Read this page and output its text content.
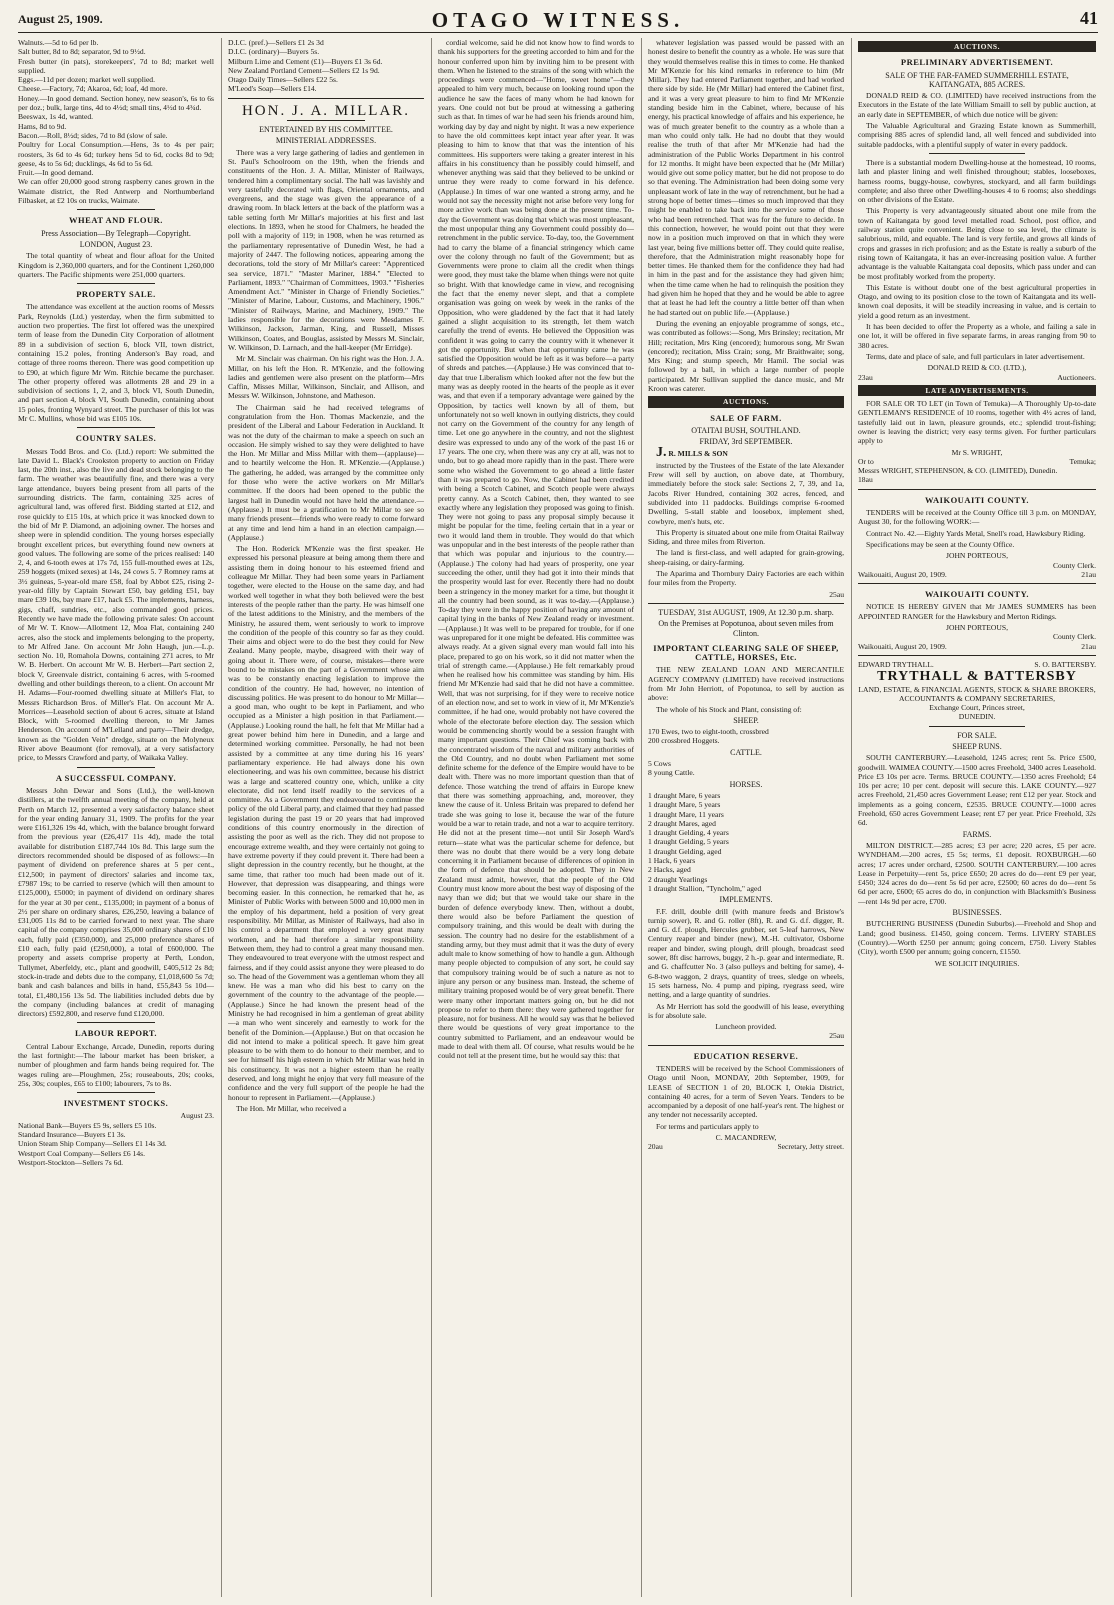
August 25, 1909.	OTAGO WITNESS.	41
Walnuts.—5d to 6d per lb.
Salt butter, 8d to 8d; separator, 9d to 9½d.
Fresh butter (in pats), storekeepers', 7d to 8d; market well supplied.
Eggs.—11d per dozen; market well supplied.
Cheese.—Factory, 7d; Akaroa, 6d; loaf, 4d more.
Honey.—In good demand. Section honey, new season's, 6s to 6s per doz.; bulk, large tins, 4d to 4½d; small tins, 4½d to 4¾d.
Beeswax, 1s 4d, wanted.
Hams, 8d to 9d.
Bacon.—Roll, 8½d; sides, 7d to 8d (slow of sale.
Poultry for Local Consumption.—Hens, 3s to 4s per pair; roosters, 3s 6d to 4s 6d; turkey hens 5d to 6d, cocks 8d to 9d; geese, 4s to 5s 6d; ducklings, 4s 6d to 5s 6d.
Fruit.—In good demand.
We can offer 20,000 good strong raspberry canes grown in the Waimate district, the Red Antwerp and Northumberland Filbasket, at £2 10s on trucks, Waimate.
WHEAT AND FLOUR.
Press Association—By Telegraph—Copyright.
LONDON, August 23.

The total quantity of wheat and flour afloat for the United Kingdom is 2,360,000 quarters, and for the Continent 1,260,000 quarters. The Pacific shipments were 251,000 quarters.

PROPERTY SALE.

The attendance was excellent at the auction rooms of Messrs Park, Reynolds (Ltd.) yesterday, when the firm submitted to auction two properties. The first lot offered was the unexpired term of lease from the Dunedin City Corporation of allotment 89 in a subdivision of section 6, block VII, town district, containing 15.2 poles, fronting Anderson's Bay road, and cottage of three rooms thereon. There was good competition up to £90, at which figure Mr Wm. Ritchie became the purchaser. The other property offered was allotments 28 and 29 in a subdivision of sections 1, 2, and 3, block VI, South Dunedin, and part section 4, block VI, South Dunedin, containing about 15 poles, fronting Wynyard street. The purchaser of this lot was Mr C. Mullins, whose bid was £105 10s.

COUNTRY SALES.

Messrs Todd Bros. and Co. (Ltd.) report: We submitted the late David L. Black's Crookston property to auction on Friday last, the 20th inst., also the live and dead stock belonging to the farm. The weather was beautifully fine, and there was a very large attendance, buyers being present from all parts of the surrounding districts. The farm, containing 325 acres of agricultural land, was offered first. Bidding started at £12, and rose quickly to £15 10s, at which price it was knocked down to the bid of Mr P. Diamond, an adjoining owner. The horses and sheep were in splendid condition. The young horses especially brought excellent prices, but everything found new owners at good values. The following are some of the prices realised: 140 2, 4, and 6-tooth ewes at 17s 7d, 155 full-mouthed ewes at 12s, 259 hoggets (mixed sexes) at 14s, 24 cows 5. 7 Romney rams at 3½ guineas, 5-year-old mare £58, foal by Abbot £25, rising 2-year-old filly by Captain Stewart £50, bay gelding £51, bay mare £39 10s, bay mare £17, hack £5. The implements, harness, gigs, chaff, sundries, etc., also commanded good prices. Recently we have made the following private sales: On account of Mr W. T. Know—Allotment 12, Moa Flat, containing 240 acres, also the stock and implements belonging to the property, to Mr Alfred Jane. On account Mr John Haugh, jun.—L.p. section No. 10, Romahola Downs, containing 271 acres, to Mr W. B. Herbert. On account Mr W. B. Herbert—Part section 2, block V, Greenvale district, containing 6 acres, with 5-roomed dwelling and other buildings thereon, to a client. On account Mr H. Adams—Four-roomed dwelling situate at Miller's Flat, to Messrs Richardson Bros. of Miller's Flat. On account Mr A. Morrices—Leasehold section of about 6 acres, situate at Island Block, with 5-roomed dwelling thereon, to Mr James Henderson. On account of M'Lelland and party—Their dredge, known as the "Golden Vein" dredge, situate on the Molyneux River above Beaumont (for removal), at a very satisfactory price, to Messrs Crawford and party, of Waikaka Valley.

A SUCCESSFUL COMPANY.

Messrs John Dewar and Sons (Ltd.), the well-known distillers, at the twelfth annual meeting of the company, held at Perth on March 12, presented a very satisfactory balance sheet for the year ending January 31, 1909. The profits for the year were £161,326 19s 4d, which, with the balance brought forward from the previous year (£26,417 11s 4d), made the total available for distribution £187,744 10s 8d. This large sum the directors recommended should be disposed of as follows:—In payment of dividend on preference shares at 5 per cent., £12,500; in payment of directors' salaries and income tax, £7987 19s; to be carried to reserve (which will then amount to £125,000), £5000; in payment of dividend on ordinary shares for the year at 30 per cent., £135,000; in payment of a bonus of 2½ per share on ordinary shares, £26,250, leaving a balance of £31,005 11s 8d to be carried forward to next year. The share capital of the company comprises 35,000 ordinary shares of £10 each, fully paid (£350,000), and 25,000 preference shares of £10 each, fully paid (£250,000), a total of £600,000. The property and assets comprise property at Perth, London, Tullymet, Aberfeldy, etc., plant and goodwill, £405,512 2s 8d; stock-in-trade and debts due to the company, £1,018,600 5s 7d; bank and cash balances and bills in hand, £55,843 5s 10d—total, £1,480,156 13s 5d. The liabilities included debts due by the company (including balances at credit of managing directors) £592,800, and reserve fund £120,000.

LABOUR REPORT.

Central Labour Exchange, Arcade, Dunedin, reports during the last fortnight:—The labour market has been brisker, a number of ploughmen and farm hands being required for. The wages ruling are—Ploughmen, 25s; rouseabouts, 20s; cooks, 25s, 30s; couples, £65 to £100; labourers, 7s to 8s.

INVESTMENT STOCKS.
August 23.
National Bank—Buyers £5 9s, sellers £5 10s.
Standard Insurance—Buyers £1 3s.
Union Steam Ship Company—Sellers £1 14s 3d.
Westport Coal Company—Sellers £6 14s.
Westport-Stockton—Sellers 7s 6d.
D.I.C. (pref.)—Sellers £1 2s 3d
D.I.C. (ordinary)—Buyers 5s.
Milburn Lime and Cement (£1)—Buyers £1 3s 6d.
New Zealand Portland Cement—Sellers £2 1s 9d.
Otago Daily Times—Sellers £22 5s.
M'Leod's Soap—Sellers £14.
HON. J. A. MILLAR.
ENTERTAINED BY HIS COMMITTEE.
MINISTERIAL ADDRESSES.

There was a very large gathering of ladies and gentlemen in St. Paul's Schoolroom on the 19th, when the friends and constituents of the Hon. J. A. Millar, Minister of Railways, tendered him a complimentary social. The hall was lavishly and very tastefully decorated with flags, Oriental ornaments, and evergreens, and the stage was given the appearance of a drawing room. In black letters at the back of the platform was a table setting forth Mr Millar's majorities at his first and last elections. In 1893, when he stood for Chalmers, he headed the poll with a majority of 119; in 1908, when he was returned as the parliamentary representative of Dunedin West, he had a majority of 2447. The following notices, appearing among the decorations, told the story of Mr Millar's career: "Apprenticed sea service, 1871." "Master Mariner, 1884." "Elected to Parliament, 1893." "Chairman of Committees, 1903." "Fisheries Amendment Act." "Minister in Charge of Friendly Societies." "Minister of Marine, Labour, Customs, and Machinery, 1906." "Minister of Railways, Marine, and Machinery, 1909." The ladies responsible for the decorations were Mesdames F. Wilkinson, Jackson, Jarman, King, and Russell, Misses Wilkinson, Coates, and Bouglas, assisted by Messrs M. Sinclair, W. Wilkinson, D. Larnach, and the hall-keeper (Mr Erridge).

Mr M. Sinclair was chairman. On his right was the Hon. J. A. Millar, on his left the Hon. R. M'Kenzie, and the following ladies and gentlemen were also present on the platform—Mrs Caffin, Misses Millar, Wilkinson, Sinclair, and Allison, and Messrs W. Wilkinson, Johnstone, and Matheson.

The Chairman said he had received telegrams of congratulation from the Hon. Thomas Mackenzie, and the president of the Liberal and Labour Federation in Auckland. It was not the duty of the chairman to make a speech on such an occasion. He simply wished to say they were delighted to have the Hon. Mr Millar and Miss Millar with them—(applause)—and to heartily welcome the Hon. R. M'Kenzie.—(Applause.) The gathering, he added, was arranged by the committee only for those who were the active workers on Mr Millar's committee. If the doors had been opened to the public the largest hall in Dunedin would not have held the attendance.—(Applause.) It must be a gratification to Mr Millar to see so many friends present—friends who were ready to come forward at any time and lend him a hand in an election campaign.—(Applause.)

The Hon. Roderick M'Kenzie was the first speaker. He expressed his personal pleasure at being among them there and assisting them in doing honour to his esteemed friend and colleague Mr Millar. They had been some years in Parliament together, were elected to the House on the same day, and had worked well together in what they both believed were the best interests of the people rather than the party. He was himself one of the latest additions to the Ministry, and the members of the Ministry, he assured them, went seriously to work to improve the condition of the people of this country so far as they could. Their aims and object were to do the best they could for New Zealand. Many people, maybe, disagreed with their way of going about it. There were, of course, mistakes—there were bound to be mistakes on the part of a Government whose aim was to be constantly enacting legislation to improve the condition of the country. He had, however, no intention of discussing politics. He was present to do honour to Mr Millar—a good man, who ought to be kept in Parliament, and who occupied as a Minister a high position in that Parliament.—(Applause.) Looking round the hall, he felt that Mr Millar had a great power behind him here in Dunedin, and a large and determined working committee. Personally, he had not been assisted by a committee at any time during his 16 years' parliamentary experience. He had always done his own electioneering, and was his own committee, because his district was a large and scattered country one, which, unlike a city electorate, did not lend itself readily to the services of a committee. As a Government they endeavoured to continue the policy of the old Liberal party, and claimed that they had passed legislation during the past 19 or 20 years that had improved conditions of this country enormously in the direction of assisting the poor as well as the rich. They did not propose to encourage extreme wealth, and they were certainly not going to have extreme poverty if they could prevent it. There had been a slight depression in the country recently, but he thought, at the same time, that rather too much had been made out of it. However, that depression was disappearing, and things were becoming easier. In this connection, he remarked that he, as Minister of Public Works with between 5000 and 10,000 men in the employ of his department, held a position of very great responsibility. Mr Millar, as Minister of Railways, had also in his control a department that employed a very great many workmen, and he had therefore a similar responsibility. Between them, they had to control a great many thousand men. They endeavoured to treat everyone with the utmost respect and fairness, and if they could assist anyone they were pleased to do so. The head of the Government was a gentleman whom they all knew. He was a man who did his best to carry on the government of the country to the advantage of the people.—(Applause.) Since he had known the present head of the Ministry he had recognised in him a gentleman of great ability—a man who went sincerely and earnestly to work for the benefit of the Dominion.—(Applause.) But on that occasion he did not intend to make a political speech. It gave him great pleasure to be with them to do honour to their member, and to see for himself his high esteem in which Mr Millar was held in his constituency. It was not a higher esteem than he really deserved, and long might he enjoy that very full measure of the confidence and the very full support of the people he had the honour to represent in Parliament.—(Applause.)

The Hon. Mr Millar, who received a

cordial welcome, said he did not know how to find words to thank his supporters for the greeting accorded to him and for the honour conferred upon him by inviting him to be present with them. When he listened to the strains of the song with which the proceedings were commenced—"Home, sweet home"—they appealed to him very much, because on looking round upon the audience he saw the faces of many whom he had known for years. One could not but be proud at witnessing a gathering such as that. In times of war he had seen his friends around him, working day by day and night by night. It was a new experience to have the old committees kept intact year after year. It was pleasing to him to know that that was the intention of his committees. His supporters were taking a greater interest in his affairs in his constituency than he possibly could himself, and whenever anything was said that they believed to be unkind or untrue they were ready to come forward in his defence. (Applause.) In times of war one wanted a strong army, and he would not say the necessity might not arise before very long for more active work than was being done at the present time. To-day the Government was doing that which was most unpleasant, the most unpopular thing any Government could possibly do—retrenchment in the public service. To-day, too, the Government had to carry the blame of a financial stringency which came over the colony through no fault of the Government; but as Governments were prone to claim all the credit when things were good, they must take the blame when things were not quite so bright. With that knowledge came in view, and recognising the fact that the enemy never slept, and that a complete organisation was going on week by week in the ranks of the Opposition, who were gladdened by the fact that it had lately gained a slight acquisition to its strength, let them watch carefully the trend of events. He believed the Opposition was confident it was going to carry the country with it whenever it got the opportunity. But when that opportunity came he was satisfied the Opposition would be left as it was before—a party of shreds and patches.—(Applause.) He was convinced that to-day that true Liberalism which looked after not the few but the many was as deeply rooted in the hearts of the people as it ever was, and that even if a temporary advantage were gained by the Opposition, by tactics well known by all of them, but unfortunately not so well known in outlying districts, they could not carry on the Government of the country for any length of time. Let one go anywhere in the country, and not the slightest desire was expressed to undo any of the work of the past 16 or 17 years. The one cry, when there was any cry at all, was not to undo, but to go ahead more rapidly than in the past. There were some who wished the Government to go ahead a little faster than it was prepared to go. Now, the Cabinet had been credited with being a Scotch Cabinet, and Scotch people were always pretty canny. As a Scotch Cabinet, then, they wanted to see exactly where any legislation they proposed was going to finish. They were not going to pass any proposal simply because it might be popular for the time, feeling certain that in a year or two it would land them in trouble. They would do that which was unpopular and in the best interests of the people rather than that which was popular and injurious to the country.—(Applause.) The colony had had years of prosperity, one year succeeding the other, until they had got it into their minds that the prosperity would last for ever. Recently there had no doubt been a stringency in the money market for a time, but thought it all the country had been sound, as it was to-day.—(Applause.) To-day they were in the happy position of having any amount of capital lying in the banks of New Zealand ready or investment.—(Applause.) It was well to be prepared for trouble, for if one was unprepared for it one might be defeated. His committee was always ready. At a given signal every man would fall into his place, prepared to go on his work, so it did not matter when the trial of strength came.—(Applause.) He felt remarkably proud when he realised how his committee was standing by him. His friend Mr M'Kenzie had said that he did not have a committee. Well, that was not surprising, for if they were to receive notice of an election now, and set to work in view of it, Mr M'Kenzie's committee, if he had one, would probably not have covered the whole of the electorate before election day. The session which would be commencing shortly would be a session fraught with many important questions. Their Chief was coming back with the concentrated wisdom of the naval and military authorities of the Old Country, and no doubt when Parliament met some definite scheme for the defence of the Empire would have to be dealt with. There was no more important question than that of defence. Those watching the trend of affairs in Europe knew that there was something approaching, and, moreover, they knew the cause of it. Unless Britain was prepared to defend her trade she was going to lose it, because the war of the future would be a war to retain trade, and not a war to acquire territory. He did not at the present time—not until Sir Joseph Ward's return—state what was the particular scheme for defence, but there was no doubt that there would be a very long debate concerning it in Parliament because of differences of opinion in the form of defence that should be adopted. They in New Zealand must admit, however, that the people of the Old Country must know more about the best way of disposing of the navy than we did; but that we would take our share in the burden of defence everybody knew. Then, without a doubt, there would also be before Parliament the question of compulsory training, and this would be dealt with during the session. The country had no desire for the establishment of a standing army, but they must admit that it was the duty of every adult male to know something of how to handle a gun. Although many people objected to compulsion of any sort, he could say that compulsory training would be of such a nature as not to injure any person or any business man. Instead, the scheme of military training proposed would be of very great benefit. There were many other important matters going on, but he did not propose to refer to them there: they were gathered together for pleasure, not for business. All he would say was that he believed there would be questions of very great importance to the country submitted to Parliament, and an endeavour would be made to deal with them all. Of course, what results would be he could not tell at the present time, but he would say this: that

whatever legislation was passed would be passed with an honest desire to benefit the country as a whole. He was sure that they would themselves realise this in times to come. He thanked Mr M'Kenzie for his kind remarks in reference to him (Mr Millar). They had entered Parliament together, and had worked there side by side. He (Mr Millar) had entered the Cabinet first, and it was a very great pleasure to him to find Mr M'Kenzie standing beside him in the Cabinet, where, because of his energy, his practical knowledge of affairs and his experience, he was of much greater benefit to the country as a whole than a man who could only talk. He had no doubt that they would realise the truth of that after Mr M'Kenzie had had the administration of the Public Works Department in his control for 12 months. It might have been expected that he (Mr Millar) would give out some policy matter, but he did not propose to do so that evening. The Administration had been doing some very unpleasant work of late in the way of retrenchment, but he had a strong hope of better times—times so much improved that they might be enabled to take back into the service some of those who had been retrenched. That was for the future to decide. In this connection, however, he would point out that they were now in a position much improved on that in which they were last year, being five millions better off. They could quite realise, therefore, that the Administration might reasonably hope for better times. He thanked them for the confidence they had had in him in the past and for the assistance they had given him; when the time came when he had to relinquish the position they had given him he hoped that they and he would be able to agree that at least he had left the country a little better off than when he had started out on public life.—(Applause.)

During the evening an enjoyable programme of songs, etc., was contributed as follows:—Song, Mrs Brinsley; recitation, Mr Hill; recitation, Mrs King (encored); humorous song, Mr Swan (encored); recitation, Miss Crain; song, Mr Braithwaite; song, Mrs King; and stump speech, Mr Hamil. The social was followed by a ball, in which a large number of people participated. Mr Sullivan supplied the dance music, and Mr Kroon was caterer.

AUCTIONS.
SALE OF FARM.
OTAITAI BUSH, SOUTHLAND.
FRIDAY, 3rd SEPTEMBER.

J. R. MILLS & SON

instructed by the Trustees of the Estate of the late Alexander Frew will sell by auction, on above date, at Thornbury, immediately before the stock sale: Sections 2, 7, 39, and 1a, Jacobs River Hundred, containing 302 acres, fenced, and subdivided into 11 paddocks. Buildings comprise 6-roomed Dwelling, 5-stall stable and loosebox, implement shed, cowbyre, men's huts, etc.

This Property is situated about one mile from Otaitai Railway Siding, and three miles from Riverton.

The land is first-class, and well adapted for grain-growing, sheep-raising, or dairy-farming.

The Aparima and Thornbury Dairy Factories are each within four miles from the Property.

25au
TUESDAY, 31st AUGUST, 1909, At 12.30 p.m. sharp.
On the Premises at Popotunoa, about seven miles from Clinton.
IMPORTANT CLEARING SALE OF SHEEP, CATTLE, HORSES, Etc.

THE NEW ZEALAND LOAN AND MERCANTILE AGENCY COMPANY (LIMITED) have received instructions from Mr John Herriott, of Popotunoa, to sell by auction as above:

The whole of his Stock and Plant, consisting of:

SHEEP.
170 Ewes, two to eight-tooth, crossbred
200 crossbred Hoggets.
CATTLE.
5 Cows
8 young Cattle.
HORSES.
1 draught Mare, 6 years
1 draught Mare, 5 years
1 draught Mare, 11 years
2 draught Mares, aged
1 draught Gelding, 4 years
1 draught Gelding, 5 years
1 draught Gelding, aged
1 Hack, 6 years
2 Hacks, aged
2 draught Yearlings
1 draught Stallion, "Tyncholm," aged
IMPLEMENTS.

F.F. drill, double drill (with manure feeds and Bristow's turnip sower), R. and G. roller (8ft), R. and G. d.f. digger, R. and G. d.f. plough, Hercules grubber, set 5-leaf harrows, New Century reaper and binder (new), M.-H. cultivator, Osborne reaper and binder, swing plough, drill plough, broadcast seed sower, 8ft disc harrows, buggy, 2 h.-p. gear and intermediate, R. and G. chaffcutter No. 3 (also pulleys and belting for same), 4-6-8-two waggon, 2 drays, quantity of trees, sledge on wheels, 15 sets harness, No. 4 pump and piping, ryegrass seed, wire netting, and a large quantity of sundries.

As Mr Herriott has sold the goodwill of his lease, everything is for absolute sale.

Luncheon provided.
25au
EDUCATION RESERVE.

TENDERS will be received by the School Commissioners of Otago until Noon, MONDAY, 20th September, 1909, for LEASE of SECTION 1 of 20, BLOCK I, Otekia District, containing 40 acres, for a term of Seven Years. Tenders to be accompanied by a deposit of one half-year's rent. The highest or any tender not necessarily accepted.

For terms and particulars apply to

C. MACANDREW,
20au	Secretary, Jetty street.
AUCTIONS.
PRELIMINARY ADVERTISEMENT.
SALE OF THE FAR-FAMED SUMMERHILL ESTATE, KAITANGATA, 885 ACRES.

DONALD REID & CO. (LIMITED) have received instructions from the Executors in the Estate of the late William Smaill to sell by public auction, at an early date in SEPTEMBER, of which due notice will be given:

The Valuable Agricultural and Grazing Estate known as Summerhill, comprising 885 acres of splendid land, all well fenced and subdivided into suitable paddocks, with a plentiful supply of water in every paddock.

There is a substantial modern Dwelling-house at the homestead, 10 rooms, lath and plaster lining and well finished throughout; stables, looseboxes, harness rooms, buggy-house, cowbyres, stockyard, and all farm buildings complete; and also three other Dwelling-houses 4 to 6 rooms; also sheddings on other divisions of the Estate.

This Property is very advantageously situated about one mile from the town of Kaitangata by good level metalled road. School, post office, and railway station quite convenient. Being close to sea level, the climate is salubrious, mild, and equable. The land is very fertile, and grows all kinds of crops and grasses in rich profusion; and as the Estate is really a suburb of the rising town of Kaitangata, it has an ever-increasing position value. A further advantage is the valuable Kaitangata coal deposits, which pass under and can be most profitably worked from the property.

This Estate is without doubt one of the best agricultural properties in Otago, and owing to its position close to the town of Kaitangata and its well-known coal deposits, it will be steadily increasing in value, and is certain to yield a good return as an investment.

It has been decided to offer the Property as a whole, and failing a sale in one lot, it will be offered in five separate farms, in areas ranging from 90 to 380 acres.

Terms, date and place of sale, and full particulars in later advertisement.

DONALD REID & CO. (LTD.),
23au	Auctioneers.
LATE ADVERTISEMENTS.

FOR SALE OR TO LET (in Town of Temuka)—A Thoroughly Up-to-date GENTLEMAN'S RESIDENCE of 10 rooms, together with 4½ acres of land, tastefully laid out in lawn, pleasure grounds, etc.; splendid trout-fishing; owner is leaving the district; very easy terms given. For further particulars apply to

Mr S. WRIGHT,
Or to	Temuka;
Messrs WRIGHT, STEPHENSON, & CO. (LIMITED), Dunedin.
18au
WAIKOUAITI COUNTY.

TENDERS will be received at the County Office till 3 p.m. on MONDAY, August 30, for the following WORK:—

Contract No. 42.—Eighty Yards Metal, Snell's road, Hawksbury Riding.

Specifications may be seen at the County Office.

JOHN PORTEOUS,
County Clerk.
Waikouaiti, August 20, 1909.	21au
WAIKOUAITI COUNTY.

NOTICE IS HEREBY GIVEN that Mr JAMES SUMMERS has been APPOINTED RANGER for the Hawksbury and Merton Ridings.

JOHN PORTEOUS,
County Clerk.
Waikouaiti, August 20, 1909.	21au
EDWARD TRYTHALL.	S. O. BATTERSBY.
TRYTHALL & BATTERSBY
LAND, ESTATE, & FINANCIAL AGENTS, STOCK & SHARE BROKERS, ACCOUNTANTS & COMPANY SECRETARIES,
Exchange Court, Princes street,
DUNEDIN.
FOR SALE.
SHEEP RUNS.

SOUTH CANTERBURY.—Leasehold, 1245 acres; rent 5s. Price £500, goodwill. WAIMEA COUNTY.—1500 acres Freehold, 3400 acres Leasehold. Price £3 10s per acre. Terms. BRUCE COUNTY.—1350 acres Freehold; £4 10s per acre; 10 per cent. deposit will secure this. LAKE COUNTY.—927 acres Freehold, 21,450 acres Government Lease; rent £12 per year. Stock and implements as a going concern, £2535. BRUCE COUNTY.—1000 acres Freehold, 650 acres Government Lease; rent £7 per year. Price Freehold, 32s 6d.

FARMS.

MILTON DISTRICT.—285 acres; £3 per acre; 220 acres, £5 per acre. WYNDHAM.—200 acres, £5 5s; terms, £1 deposit. ROXBURGH.—60 acres; 17 acres under orchard, £2500. SOUTH CANTERBURY.—100 acres Lease in Perpetuity—rent 5s, price £650; 20 acres do do—rent £9 per year, £450; 324 acres do do—rent 5s 6d per acre, £2500; 60 acres do do—rent 5s 6d per acre, £600; 65 acres do do, in conjunction with Blacksmith's Business—rent 14s 9d per acre, £700.

BUSINESSES.

BUTCHERING BUSINESS (Dunedin Suburbs).—Freehold and Shop and Land; good business. £1450, going concern. Terms. LIVERY STABLES (Country).—Worth £250 per annum; going concern, £750. Livery Stables (City), worth £500 per annum; going concern, £1550.

WE SOLICIT INQUIRIES.
